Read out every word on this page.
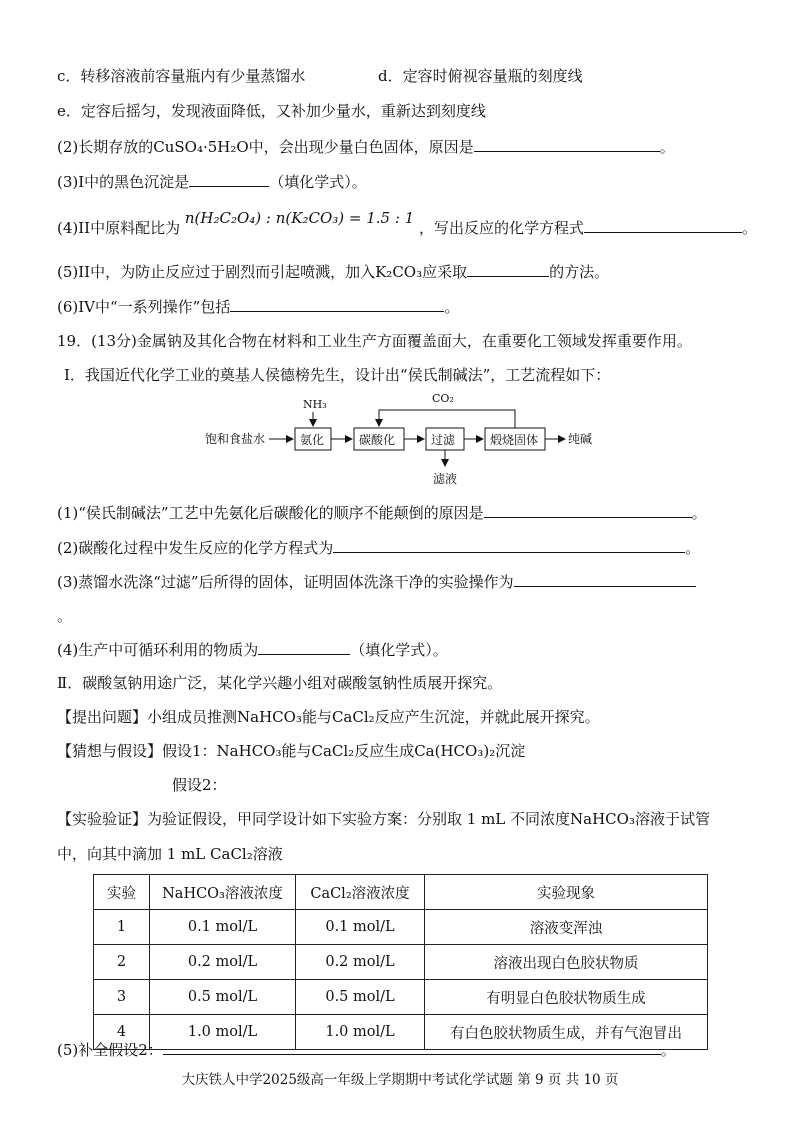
c．转移溶液前容量瓶内有少量蒸馏水	d．定容时俯视容量瓶的刻度线
e．定容后摇匀，发现液面降低，又补加少量水，重新达到刻度线
(2)长期存放的CuSO₄·5H₂O中，会出现少量白色固体，原因是	。
(3)I中的黑色沉淀是	（填化学式）。
(4)II中原料配比为 n(H₂C₂O₄) : n(K₂CO₃) = 1.5 : 1 ，写出反应的化学方程式	。
(5)II中，为防止反应过于剧烈而引起喷溅，加入K₂CO₃应采取	的方法。
(6)IV中“一系列操作”包括	。
19．(13分)金属钠及其化合物在材料和工业生产方面覆盖面大，在重要化工领域发挥重要作用。
Ⅰ．我国近代化学工业的奠基人侯德榜先生，设计出“侯氏制碱法”，工艺流程如下：
饱和食盐水	氨化	碳酸化	过滤	煅烧固体 纯碱
NH₃	CO₂
滤液
(1)“侯氏制碱法”工艺中先氨化后碳酸化的顺序不能颠倒的原因是	。
(2)碳酸化过程中发生反应的化学方程式为	。
(3)蒸馏水洗涤“过滤”后所得的固体，证明固体洗涤干净的实验操作为
。
(4)生产中可循环利用的物质为	（填化学式）。
Ⅱ．碳酸氢钠用途广泛，某化学兴趣小组对碳酸氢钠性质展开探究。
【提出问题】小组成员推测NaHCO₃能与CaCl₂反应产生沉淀，并就此展开探究。
【猜想与假设】假设1：NaHCO₃能与CaCl₂反应生成Ca(HCO₃)₂沉淀
假设2：
【实验验证】为验证假设，甲同学设计如下实验方案：分别取 1 mL 不同浓度NaHCO₃溶液于试管
中，向其中滴加 1 mL CaCl₂溶液
实验	NaHCO₃溶液浓度	CaCl₂溶液浓度	实验现象
1	0.1 mol/L	0.1 mol/L	溶液变浑浊
2	0.2 mol/L	0.2 mol/L	溶液出现白色胶状物质
3	0.5 mol/L	0.5 mol/L	有明显白色胶状物质生成
4	1.0 mol/L	1.0 mol/L	有白色胶状物质生成，并有气泡冒出
(5)补全假设2：	。
大庆铁人中学2025级高一年级上学期期中考试化学试题 第 9 页 共 10 页
